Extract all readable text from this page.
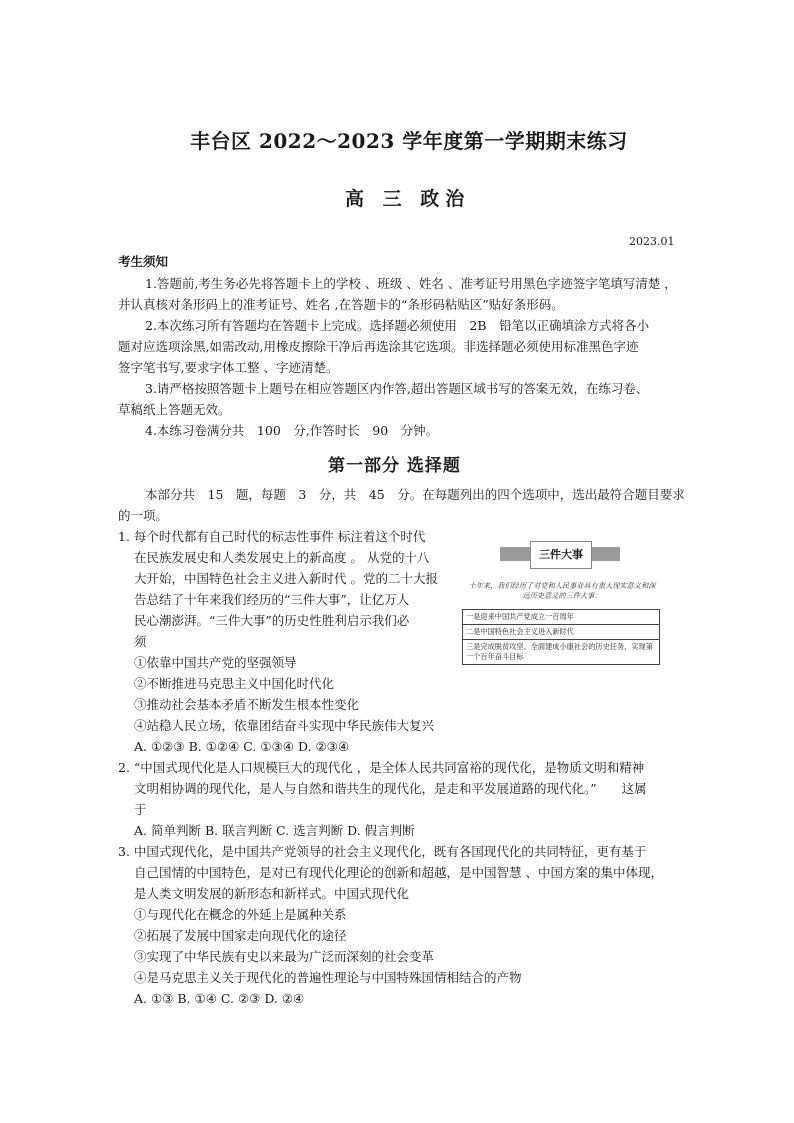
丰台区 2022～2023 学年度第一学期期末练习
高 三 政治
2023.01
考生须知
1.答题前,考生务必先将答题卡上的学校 、班级 、姓名 、准考证号用黑色字迹签字笔填写清楚 ，
并认真核对条形码上的准考证号、姓名 ,在答题卡的“条形码粘贴区”贴好条形码。
2.本次练习所有答题均在答题卡上完成。选择题必须使用　2B　铅笔以正确填涂方式将各小
题对应选项涂黑,如需改动,用橡皮擦除干净后再选涂其它选项。非选择题必须使用标准黑色字迹
签字笔书写,要求字体工整 、字迹清楚。
3.请严格按照答题卡上题号在相应答题区内作答,超出答题区域书写的答案无效，在练习卷、
草稿纸上答题无效。
4.本练习卷满分共　100　分,作答时长　90　分钟。
第一部分 选择题
本部分共　15　题，每题　3　分，共　45　分。在每题列出的四个选项中，选出最符合题目要求
的一项。
1. 每个时代都有自己时代的标志性事件 标注着这个时代
在民族发展史和人类发展史上的新高度 。 从党的十八
大开始，中国特色社会主义进入新时代 。党的二十大报
告总结了十年来我们经历的“三件大事”，让亿万人
民心潮澎湃。“三件大事”的历史性胜利启示我们必
须
①依靠中国共产党的坚强领导
②不断推进马克思主义中国化时代化
③推动社会基本矛盾不断发生根本性变化
④站稳人民立场，依靠团结奋斗实现中华民族伟大复兴
A. ①②③ B. ①②④ C. ①③④ D. ②③④
三件大事
十年来，我们经历了对党和人民事业具有重大现实意义和深远历史意义的三件大事：
一是迎来中国共产党成立一百周年
二是中国特色社会主义进入新时代
三是完成脱贫攻坚、全面建成小康社会的历史任务，实现第一个百年奋斗目标
2. “中国式现代化是人口规模巨大的现代化 ，是全体人民共同富裕的现代化，是物质文明和精神
文明相协调的现代化，是人与自然和谐共生的现代化，是走和平发展道路的现代化。”　　这属
于
A. 简单判断 B. 联言判断 C. 选言判断 D. 假言判断
3. 中国式现代化，是中国共产党领导的社会主义现代化，既有各国现代化的共同特征，更有基于
自己国情的中国特色，是对已有现代化理论的创新和超越，是中国智慧 、中国方案的集中体现，
是人类文明发展的新形态和新样式。中国式现代化
①与现代化在概念的外延上是属种关系
②拓展了发展中国家走向现代化的途径
③实现了中华民族有史以来最为广泛而深刻的社会变革
④是马克思主义关于现代化的普遍性理论与中国特殊国情相结合的产物
A. ①③ B. ①④ C. ②③ D. ②④
